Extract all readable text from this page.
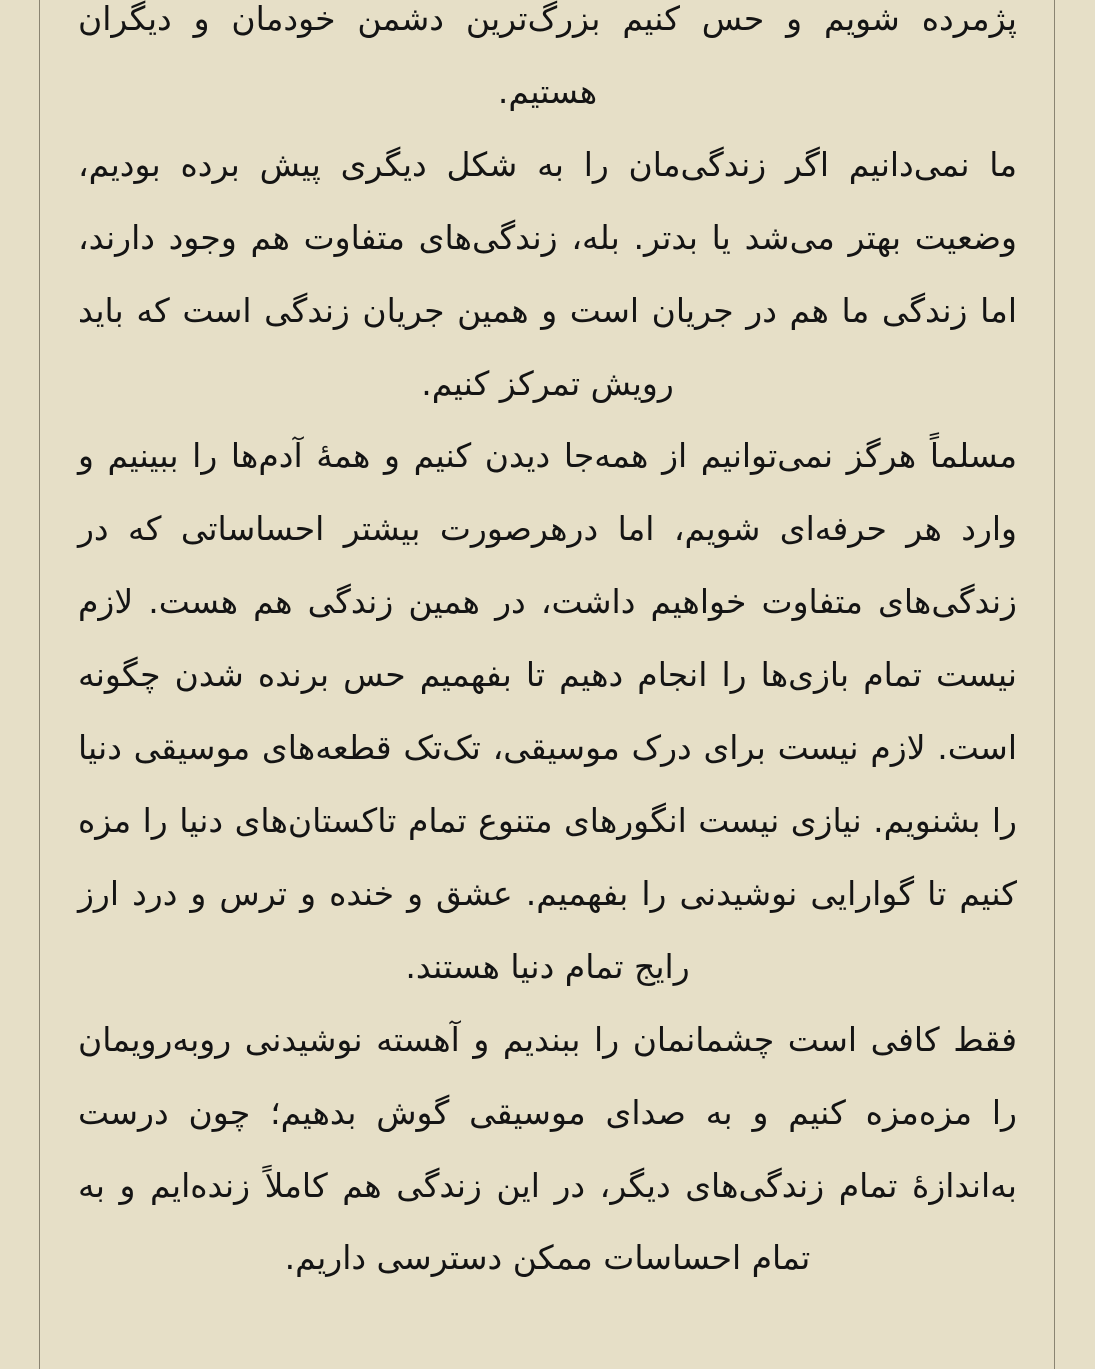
پژمرده شویم و حس کنیم بزرگ‌ترین دشمن خودمان و دیگران هستیم.

ما نمی‌دانیم اگر زندگی‌مان را به شکل دیگری پیش برده بودیم، وضعیت بهتر می‌شد یا بدتر. بله، زندگی‌های متفاوت هم وجود دارند، اما زندگی ما هم در جریان است و همین جریان زندگی است که باید رویش تمرکز کنیم.

مسلماً هرگز نمی‌توانیم از همه‌جا دیدن کنیم و همهٔ آدم‌ها را ببینیم و وارد هر حرفه‌ای شویم، اما درهرصورت بیشتر احساساتی که در زندگی‌های متفاوت خواهیم داشت، در همین زندگی هم هست. لازم نیست تمام بازی‌ها را انجام دهیم تا بفهمیم حس برنده شدن چگونه است. لازم نیست برای درک موسیقی، تک‌تک قطعه‌های موسیقی دنیا را بشنویم. نیازی نیست انگورهای متنوع تمام تاکستان‌های دنیا را مزه کنیم تا گوارایی نوشیدنی را بفهمیم. عشق و خنده و ترس و درد ارز رایج تمام دنیا هستند.

فقط کافی است چشمانمان را ببندیم و آهسته نوشیدنی روبه‌رویمان را مزه‌مزه کنیم و به صدای موسیقی گوش بدهیم؛ چون درست به‌اندازهٔ تمام زندگی‌های دیگر، در این زندگی هم کاملاً زنده‌ایم و به تمام احساسات ممکن دسترسی داریم.
